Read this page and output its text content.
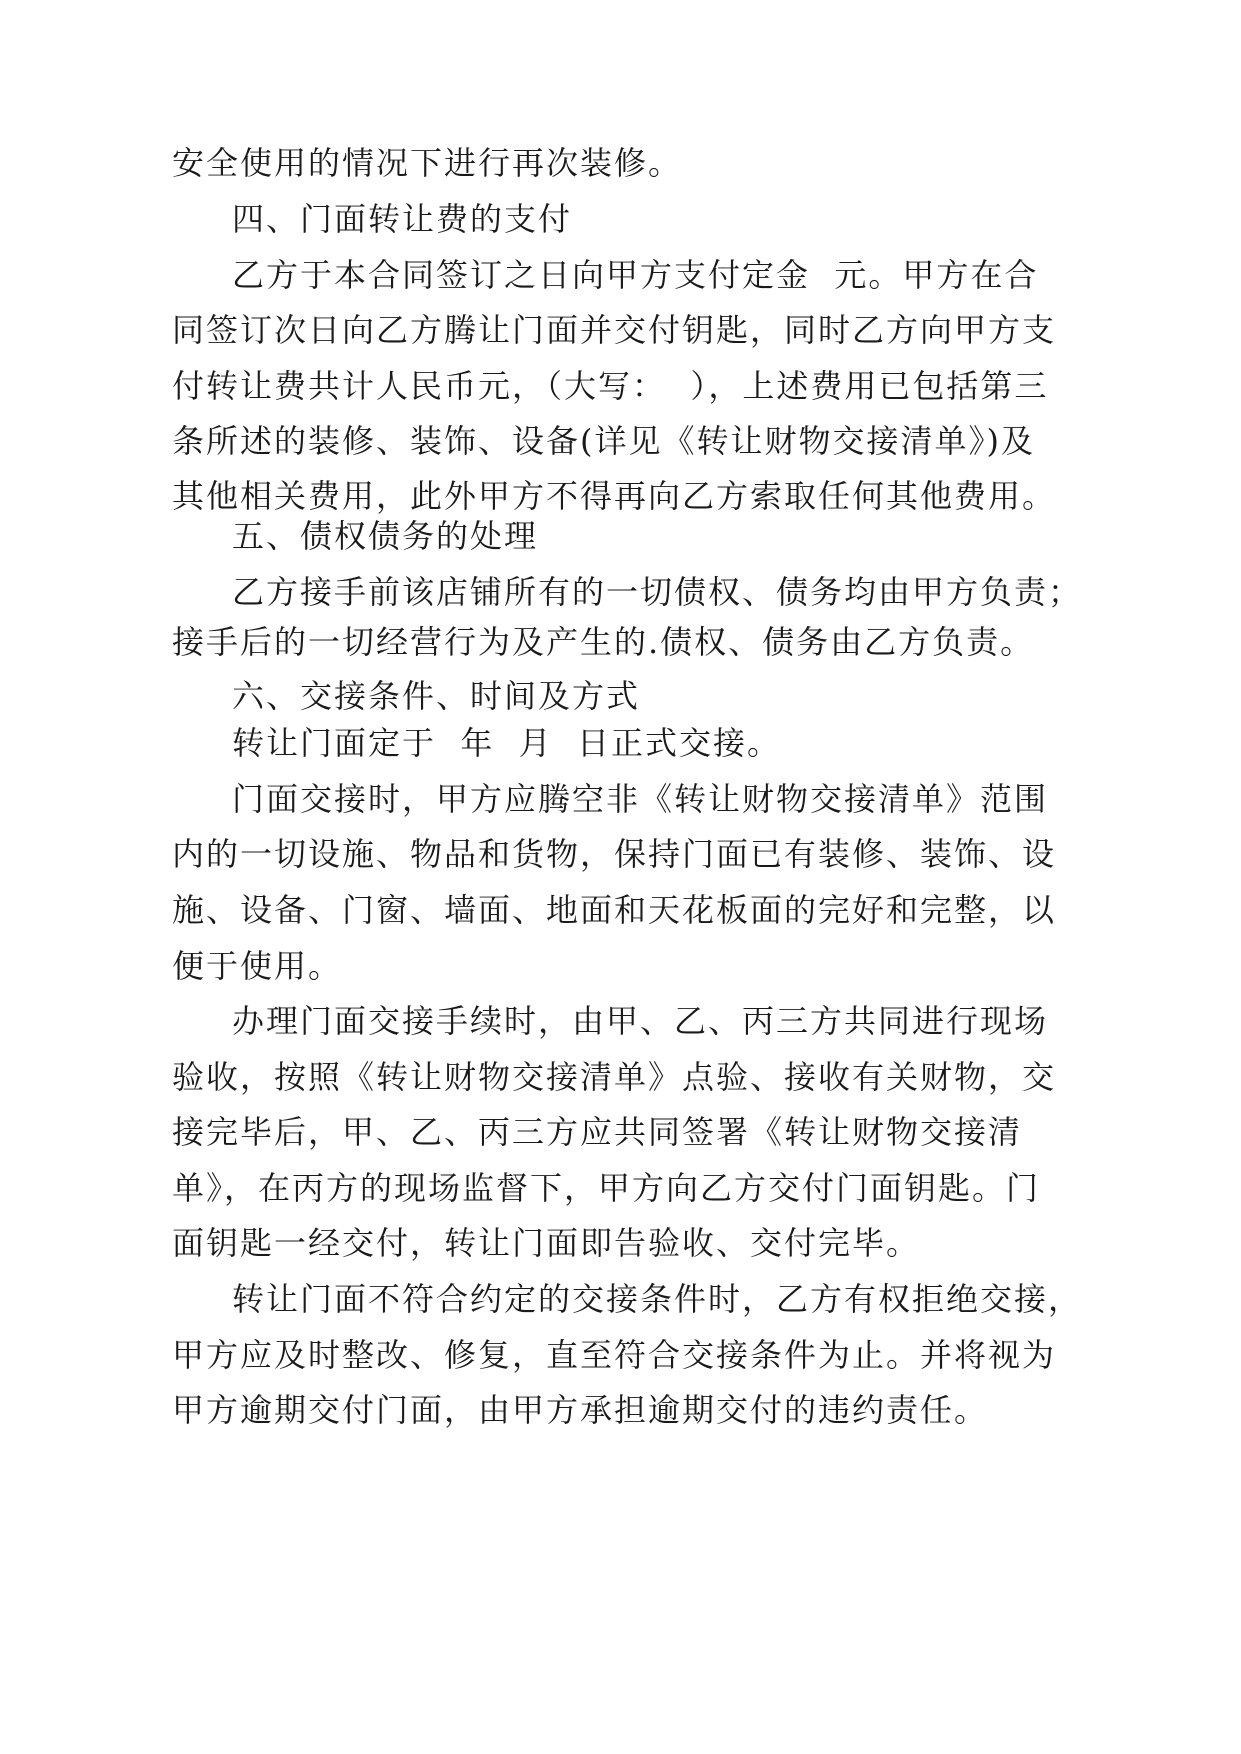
安全使用的情况下进行再次装修。

四、门面转让费的支付

乙方于本合同签订之日向甲方支付定金  元。甲方在合

同签订次日向乙方腾让门面并交付钥匙，同时乙方向甲方支

付转让费共计人民币元，（大写：  ），上述费用已包括第三

条所述的装修、装饰、设备(详见《转让财物交接清单》)及

其他相关费用，此外甲方不得再向乙方索取任何其他费用。

五、债权债务的处理

乙方接手前该店铺所有的一切债权、债务均由甲方负责；

接手后的一切经营行为及产生的.债权、债务由乙方负责。

六、交接条件、时间及方式

转让门面定于  年  月  日正式交接。

门面交接时，甲方应腾空非《转让财物交接清单》范围

内的一切设施、物品和货物，保持门面已有装修、装饰、设

施、设备、门窗、墙面、地面和天花板面的完好和完整，以

便于使用。

办理门面交接手续时，由甲、乙、丙三方共同进行现场

验收，按照《转让财物交接清单》点验、接收有关财物，交

接完毕后，甲、乙、丙三方应共同签署《转让财物交接清

单》，在丙方的现场监督下，甲方向乙方交付门面钥匙。门

面钥匙一经交付，转让门面即告验收、交付完毕。

转让门面不符合约定的交接条件时，乙方有权拒绝交接，

甲方应及时整改、修复，直至符合交接条件为止。并将视为

甲方逾期交付门面，由甲方承担逾期交付的违约责任。
